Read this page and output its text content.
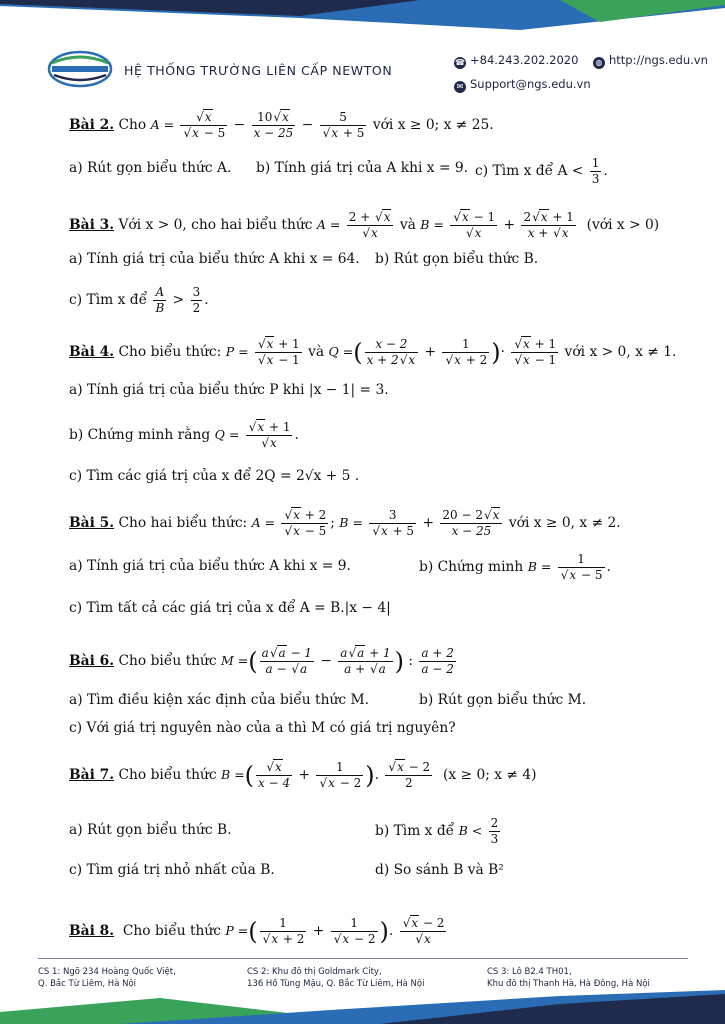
HỆ THỐNG TRƯỜNG LIÊN CẤP NEWTON
☎ +84.243.202.2020	◍ http://ngs.edu.vn
✉ Support@ngs.edu.vn
Bài 2. Cho A = √ x
√ $x - 5 - \frac{10 √ x}{x - 25} - 5$
√ x + 5 với x ≥ 0; x ≠ 25.
a) Rút gọn biểu thức A. b) Tính giá trị của A khi x = 9. c) Tìm x để $A < \frac{1}{3}$ .
Bài 3. Với x > 0, cho hai biểu thức A = 2 + √ x
√ x và B = √ x − 1
√ $x + \frac{2 √ x + 1}{x + √ x}$ (với x > 0)
a) Tính giá trị của biểu thức A khi x = 64. b) Rút gọn biểu thức B.
c) Tìm x để $\frac{A}{B} > \frac{3}{2}$ .
Bài 4. Cho biểu thức: P = √ x + 1
√ x − 1 và Q =( $\frac{x - 2}{x + 2 √ x} + 1$
√ x + 2 )· √ x + 1
√ x − 1 với x > 0, x ≠ 1.
a) Tính giá trị của biểu thức P khi |x − 1| = 3.
b) Chứng minh rằng Q = √ x + 1
√ x .
c) Tìm các giá trị của x để 2Q = 2√x + 5 .
Bài 5. Cho hai biểu thức: A = √ x + 2
√ x − 5 ; B = 3
√ $x + 5 + \frac{20 - 2 √ x}{x - 25}$ với x ≥ 0, x ≠ 2.
a) Tính giá trị của biểu thức A khi x = 9.	b) Chứng minh B = 1
√ x − 5 .
c) Tìm tất cả các giá trị của x để A = B.|x − 4|
Bài 6. Cho biểu thức M =( $\frac{a √ a - 1}{a - √ a} - \frac{a √ a + 1}{a + √ a}$ ) : $\frac{a + 2}{a - 2}$
a) Tìm điều kiện xác định của biểu thức M.	b) Rút gọn biểu thức M.
c) Với giá trị nguyên nào của a thì M có giá trị nguyên?
Bài 7. Cho biểu thức B =( √ $\frac{x}{x - 4} + 1$
√ x − 2 ). √ $\frac{x - 2}{2} (x \ge 0$; x ≠ 4)
a) Rút gọn biểu thức B.	b) Tìm x để $B < \frac{2}{3}$
c) Tìm giá trị nhỏ nhất của B.	d) So sánh B và B²
Bài 8. Cho biểu thức P =( 1
√ x + 2 + 1
√ x − 2 ). √ x − 2
√ x
CS 1: Ngõ 234 Hoàng Quốc Việt,
Q. Bắc Từ Liêm, Hà Nội
CS 2: Khu đô thị Goldmark City,
136 Hồ Tùng Mậu, Q. Bắc Từ Liêm, Hà Nội
CS 3: Lô B2.4 TH01,
Khu đô thị Thanh Hà, Hà Đông, Hà Nội
